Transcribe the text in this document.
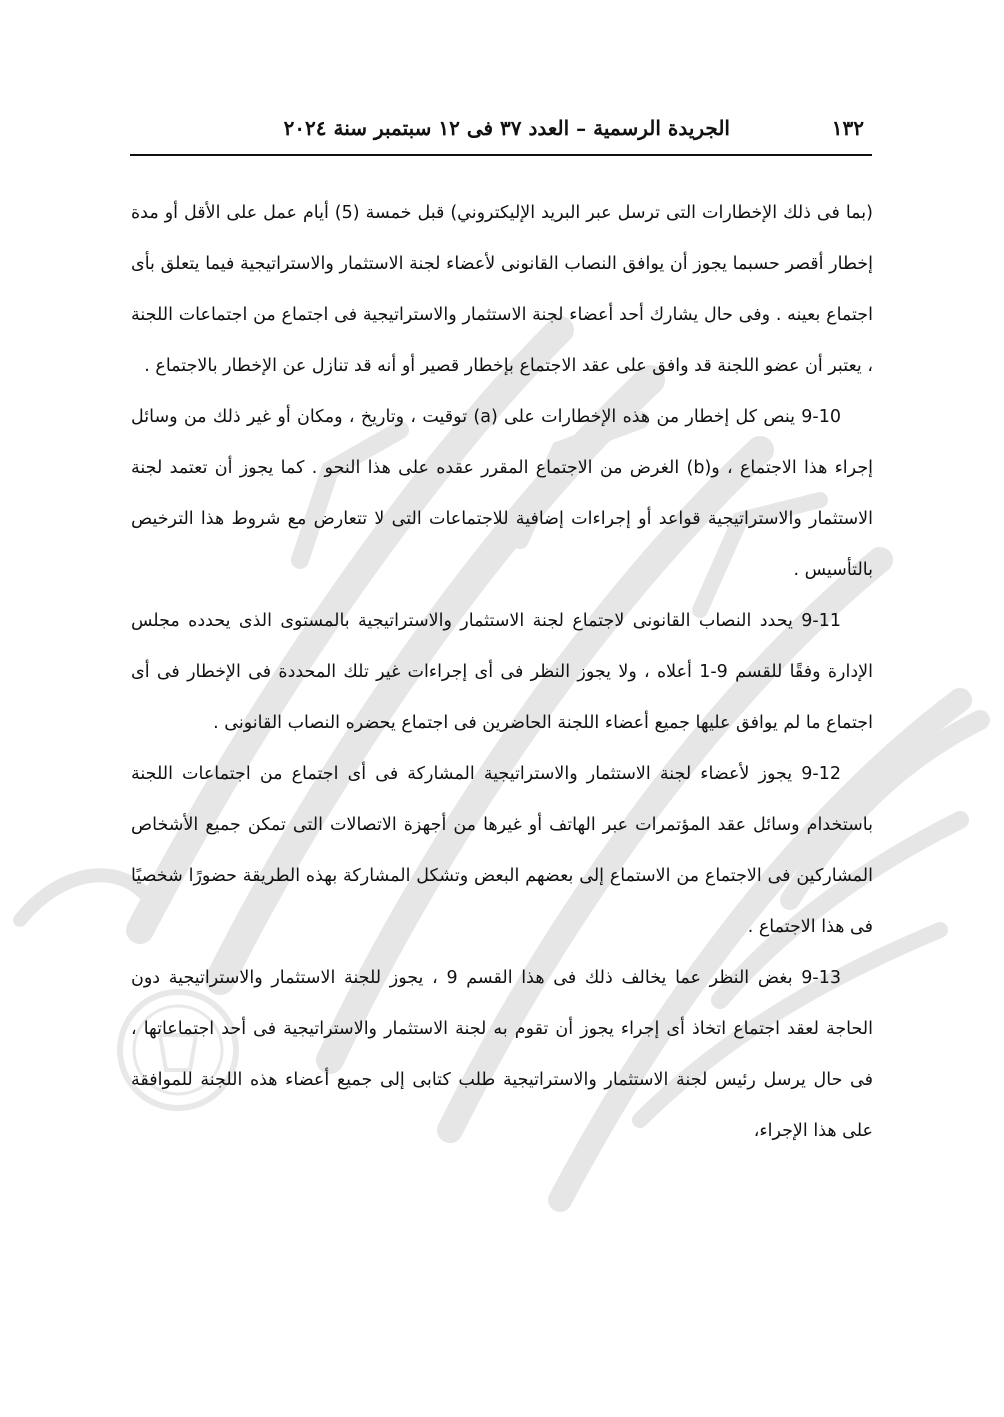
١٣٢
الجريدة الرسمية – العدد ٣٧ فى ١٢ سبتمبر سنة ٢٠٢٤

(بما فى ذلك الإخطارات التى ترسل عبر البريد الإليكتروني) قبل خمسة (5) أيام عمل على الأقل أو مدة إخطار أقصر حسبما يجوز أن يوافق النصاب القانونى لأعضاء لجنة الاستثمار والاستراتيجية فيما يتعلق بأى اجتماع بعينه . وفى حال يشارك أحد أعضاء لجنة الاستثمار والاستراتيجية فى اجتماع من اجتماعات اللجنة ، يعتبر أن عضو اللجنة قد وافق على عقد الاجتماع بإخطار قصير أو أنه قد تنازل عن الإخطار بالاجتماع .

9-10 ينص كل إخطار من هذه الإخطارات على (a) توقيت ، وتاريخ ، ومكان أو غير ذلك من وسائل إجراء هذا الاجتماع ، و(b) الغرض من الاجتماع المقرر عقده على هذا النحو . كما يجوز أن تعتمد لجنة الاستثمار والاستراتيجية قواعد أو إجراءات إضافية للاجتماعات التى لا تتعارض مع شروط هذا الترخيص بالتأسيس .

9-11 يحدد النصاب القانونى لاجتماع لجنة الاستثمار والاستراتيجية بالمستوى الذى يحدده مجلس الإدارة وفقًا للقسم 9-1 أعلاه ، ولا يجوز النظر فى أى إجراءات غير تلك المحددة فى الإخطار فى أى اجتماع ما لم يوافق عليها جميع أعضاء اللجنة الحاضرين فى اجتماع يحضره النصاب القانونى .

9-12 يجوز لأعضاء لجنة الاستثمار والاستراتيجية المشاركة فى أى اجتماع من اجتماعات اللجنة باستخدام وسائل عقد المؤتمرات عبر الهاتف أو غيرها من أجهزة الاتصالات التى تمكن جميع الأشخاص المشاركين فى الاجتماع من الاستماع إلى بعضهم البعض وتشكل المشاركة بهذه الطريقة حضورًا شخصيًا فى هذا الاجتماع .

9-13 بغض النظر عما يخالف ذلك فى هذا القسم 9 ، يجوز للجنة الاستثمار والاستراتيجية دون الحاجة لعقد اجتماع اتخاذ أى إجراء يجوز أن تقوم به لجنة الاستثمار والاستراتيجية فى أحد اجتماعاتها ، فى حال يرسل رئيس لجنة الاستثمار والاستراتيجية طلب كتابى إلى جميع أعضاء هذه اللجنة للموافقة على هذا الإجراء،
